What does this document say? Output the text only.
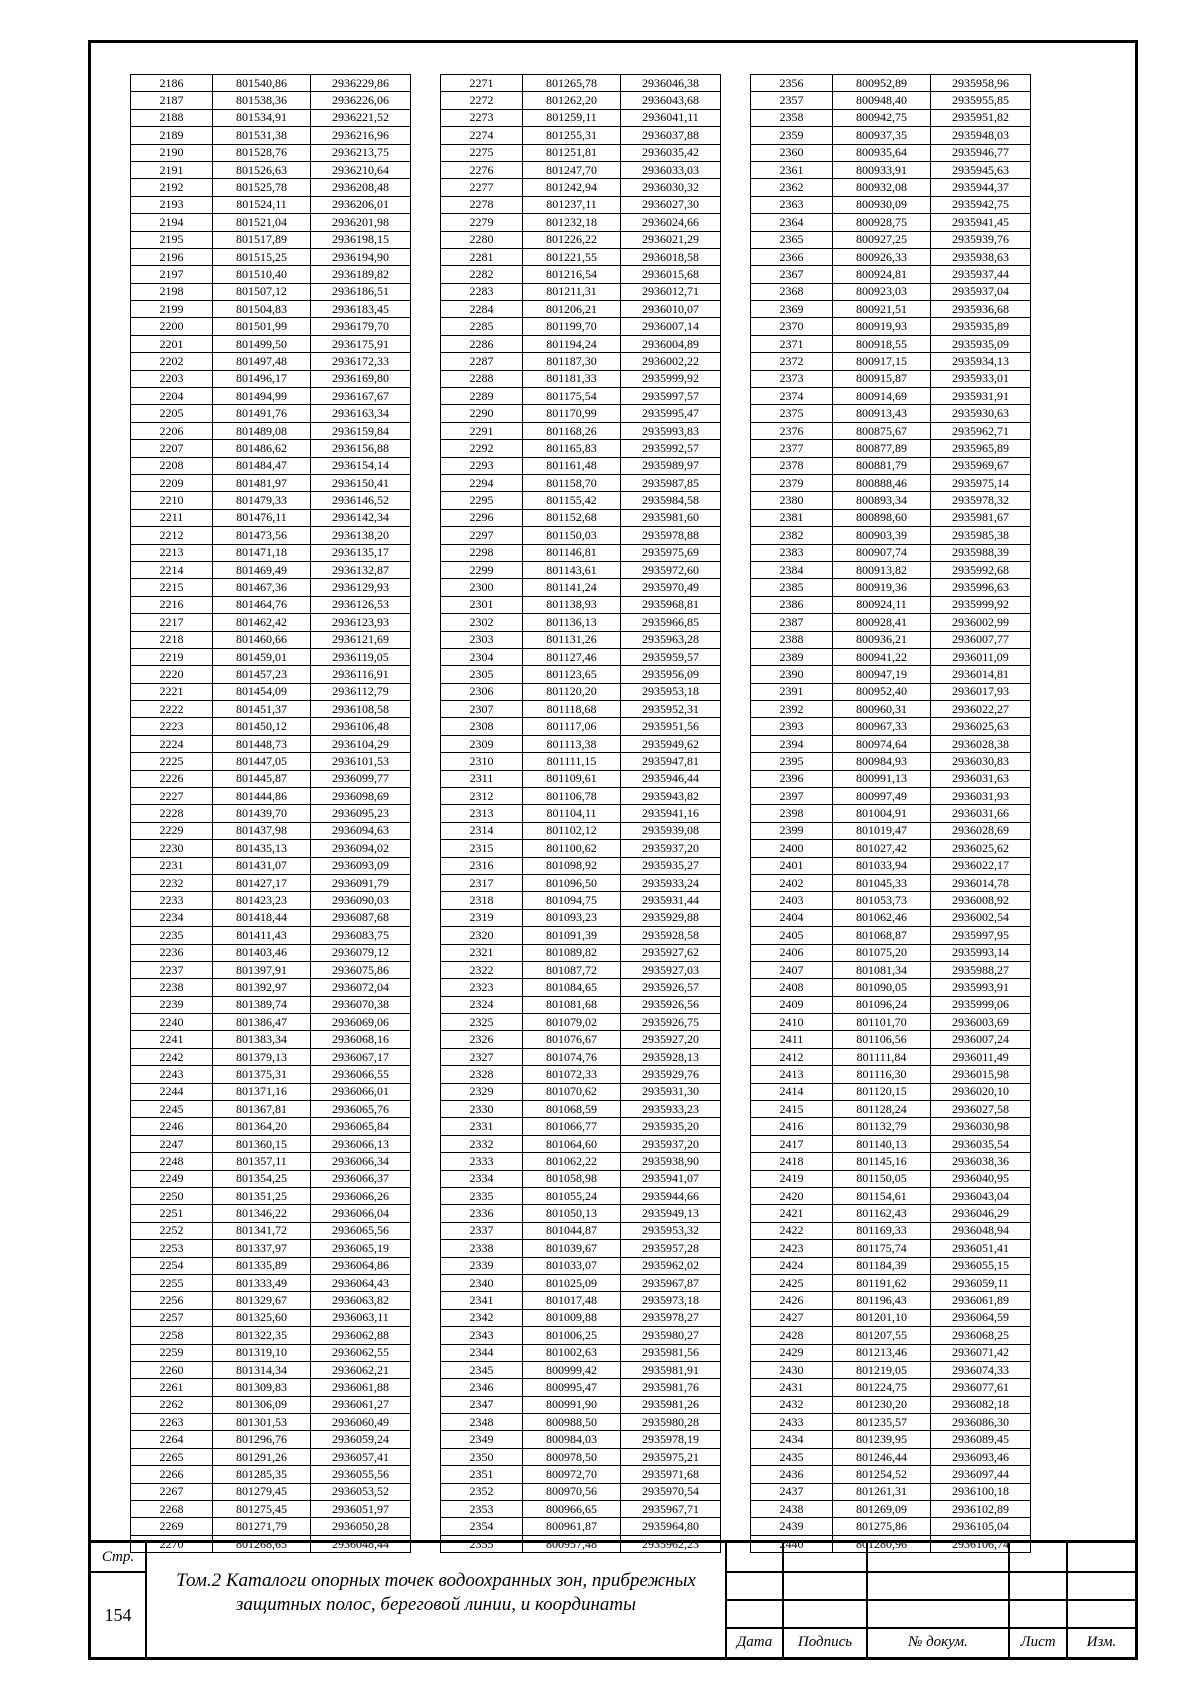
2186	801540,86	2936229,86
2187	801538,36	2936226,06
2188	801534,91	2936221,52
2189	801531,38	2936216,96
2190	801528,76	2936213,75
2191	801526,63	2936210,64
2192	801525,78	2936208,48
2193	801524,11	2936206,01
2194	801521,04	2936201,98
2195	801517,89	2936198,15
2196	801515,25	2936194,90
2197	801510,40	2936189,82
2198	801507,12	2936186,51
2199	801504,83	2936183,45
2200	801501,99	2936179,70
2201	801499,50	2936175,91
2202	801497,48	2936172,33
2203	801496,17	2936169,80
2204	801494,99	2936167,67
2205	801491,76	2936163,34
2206	801489,08	2936159,84
2207	801486,62	2936156,88
2208	801484,47	2936154,14
2209	801481,97	2936150,41
2210	801479,33	2936146,52
2211	801476,11	2936142,34
2212	801473,56	2936138,20
2213	801471,18	2936135,17
2214	801469,49	2936132,87
2215	801467,36	2936129,93
2216	801464,76	2936126,53
2217	801462,42	2936123,93
2218	801460,66	2936121,69
2219	801459,01	2936119,05
2220	801457,23	2936116,91
2221	801454,09	2936112,79
2222	801451,37	2936108,58
2223	801450,12	2936106,48
2224	801448,73	2936104,29
2225	801447,05	2936101,53
2226	801445,87	2936099,77
2227	801444,86	2936098,69
2228	801439,70	2936095,23
2229	801437,98	2936094,63
2230	801435,13	2936094,02
2231	801431,07	2936093,09
2232	801427,17	2936091,79
2233	801423,23	2936090,03
2234	801418,44	2936087,68
2235	801411,43	2936083,75
2236	801403,46	2936079,12
2237	801397,91	2936075,86
2238	801392,97	2936072,04
2239	801389,74	2936070,38
2240	801386,47	2936069,06
2241	801383,34	2936068,16
2242	801379,13	2936067,17
2243	801375,31	2936066,55
2244	801371,16	2936066,01
2245	801367,81	2936065,76
2246	801364,20	2936065,84
2247	801360,15	2936066,13
2248	801357,11	2936066,34
2249	801354,25	2936066,37
2250	801351,25	2936066,26
2251	801346,22	2936066,04
2252	801341,72	2936065,56
2253	801337,97	2936065,19
2254	801335,89	2936064,86
2255	801333,49	2936064,43
2256	801329,67	2936063,82
2257	801325,60	2936063,11
2258	801322,35	2936062,88
2259	801319,10	2936062,55
2260	801314,34	2936062,21
2261	801309,83	2936061,88
2262	801306,09	2936061,27
2263	801301,53	2936060,49
2264	801296,76	2936059,24
2265	801291,26	2936057,41
2266	801285,35	2936055,56
2267	801279,45	2936053,52
2268	801275,45	2936051,97
2269	801271,79	2936050,28
2270	801268,65	2936048,44
2271	801265,78	2936046,38
2272	801262,20	2936043,68
2273	801259,11	2936041,11
2274	801255,31	2936037,88
2275	801251,81	2936035,42
2276	801247,70	2936033,03
2277	801242,94	2936030,32
2278	801237,11	2936027,30
2279	801232,18	2936024,66
2280	801226,22	2936021,29
2281	801221,55	2936018,58
2282	801216,54	2936015,68
2283	801211,31	2936012,71
2284	801206,21	2936010,07
2285	801199,70	2936007,14
2286	801194,24	2936004,89
2287	801187,30	2936002,22
2288	801181,33	2935999,92
2289	801175,54	2935997,57
2290	801170,99	2935995,47
2291	801168,26	2935993,83
2292	801165,83	2935992,57
2293	801161,48	2935989,97
2294	801158,70	2935987,85
2295	801155,42	2935984,58
2296	801152,68	2935981,60
2297	801150,03	2935978,88
2298	801146,81	2935975,69
2299	801143,61	2935972,60
2300	801141,24	2935970,49
2301	801138,93	2935968,81
2302	801136,13	2935966,85
2303	801131,26	2935963,28
2304	801127,46	2935959,57
2305	801123,65	2935956,09
2306	801120,20	2935953,18
2307	801118,68	2935952,31
2308	801117,06	2935951,56
2309	801113,38	2935949,62
2310	801111,15	2935947,81
2311	801109,61	2935946,44
2312	801106,78	2935943,82
2313	801104,11	2935941,16
2314	801102,12	2935939,08
2315	801100,62	2935937,20
2316	801098,92	2935935,27
2317	801096,50	2935933,24
2318	801094,75	2935931,44
2319	801093,23	2935929,88
2320	801091,39	2935928,58
2321	801089,82	2935927,62
2322	801087,72	2935927,03
2323	801084,65	2935926,57
2324	801081,68	2935926,56
2325	801079,02	2935926,75
2326	801076,67	2935927,20
2327	801074,76	2935928,13
2328	801072,33	2935929,76
2329	801070,62	2935931,30
2330	801068,59	2935933,23
2331	801066,77	2935935,20
2332	801064,60	2935937,20
2333	801062,22	2935938,90
2334	801058,98	2935941,07
2335	801055,24	2935944,66
2336	801050,13	2935949,13
2337	801044,87	2935953,32
2338	801039,67	2935957,28
2339	801033,07	2935962,02
2340	801025,09	2935967,87
2341	801017,48	2935973,18
2342	801009,88	2935978,27
2343	801006,25	2935980,27
2344	801002,63	2935981,56
2345	800999,42	2935981,91
2346	800995,47	2935981,76
2347	800991,90	2935981,26
2348	800988,50	2935980,28
2349	800984,03	2935978,19
2350	800978,50	2935975,21
2351	800972,70	2935971,68
2352	800970,56	2935970,54
2353	800966,65	2935967,71
2354	800961,87	2935964,80
2355	800957,48	2935962,23
2356	800952,89	2935958,96
2357	800948,40	2935955,85
2358	800942,75	2935951,82
2359	800937,35	2935948,03
2360	800935,64	2935946,77
2361	800933,91	2935945,63
2362	800932,08	2935944,37
2363	800930,09	2935942,75
2364	800928,75	2935941,45
2365	800927,25	2935939,76
2366	800926,33	2935938,63
2367	800924,81	2935937,44
2368	800923,03	2935937,04
2369	800921,51	2935936,68
2370	800919,93	2935935,89
2371	800918,55	2935935,09
2372	800917,15	2935934,13
2373	800915,87	2935933,01
2374	800914,69	2935931,91
2375	800913,43	2935930,63
2376	800875,67	2935962,71
2377	800877,89	2935965,89
2378	800881,79	2935969,67
2379	800888,46	2935975,14
2380	800893,34	2935978,32
2381	800898,60	2935981,67
2382	800903,39	2935985,38
2383	800907,74	2935988,39
2384	800913,82	2935992,68
2385	800919,36	2935996,63
2386	800924,11	2935999,92
2387	800928,41	2936002,99
2388	800936,21	2936007,77
2389	800941,22	2936011,09
2390	800947,19	2936014,81
2391	800952,40	2936017,93
2392	800960,31	2936022,27
2393	800967,33	2936025,63
2394	800974,64	2936028,38
2395	800984,93	2936030,83
2396	800991,13	2936031,63
2397	800997,49	2936031,93
2398	801004,91	2936031,66
2399	801019,47	2936028,69
2400	801027,42	2936025,62
2401	801033,94	2936022,17
2402	801045,33	2936014,78
2403	801053,73	2936008,92
2404	801062,46	2936002,54
2405	801068,87	2935997,95
2406	801075,20	2935993,14
2407	801081,34	2935988,27
2408	801090,05	2935993,91
2409	801096,24	2935999,06
2410	801101,70	2936003,69
2411	801106,56	2936007,24
2412	801111,84	2936011,49
2413	801116,30	2936015,98
2414	801120,15	2936020,10
2415	801128,24	2936027,58
2416	801132,79	2936030,98
2417	801140,13	2936035,54
2418	801145,16	2936038,36
2419	801150,05	2936040,95
2420	801154,61	2936043,04
2421	801162,43	2936046,29
2422	801169,33	2936048,94
2423	801175,74	2936051,41
2424	801184,39	2936055,15
2425	801191,62	2936059,11
2426	801196,43	2936061,89
2427	801201,10	2936064,59
2428	801207,55	2936068,25
2429	801213,46	2936071,42
2430	801219,05	2936074,33
2431	801224,75	2936077,61
2432	801230,20	2936082,18
2433	801235,57	2936086,30
2434	801239,95	2936089,45
2435	801246,44	2936093,46
2436	801254,52	2936097,44
2437	801261,31	2936100,18
2438	801269,09	2936102,89
2439	801275,86	2936105,04
2440	801280,96	2936106,74
Стр.
154
Том.2 Каталоги опорных точек водоохранных зон, прибрежных защитных полос, береговой линии, и координаты
Дата	Подпись	№ докум.	Лист	Изм.
